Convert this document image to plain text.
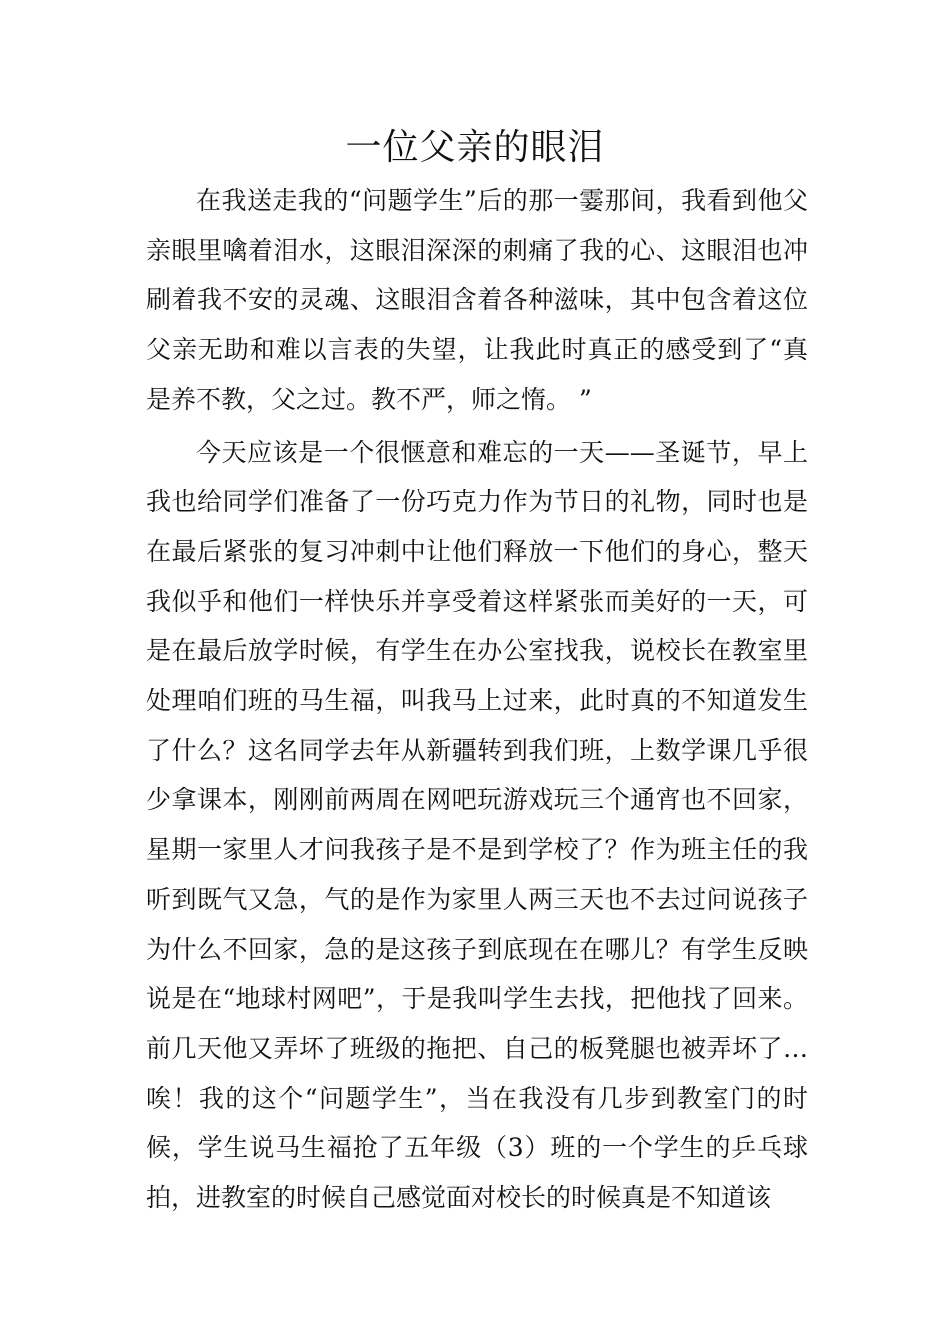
一位父亲的眼泪

在我送走我的“问题学生”后的那一霎那间，我看到他父亲眼里噙着泪水，这眼泪深深的刺痛了我的心、这眼泪也冲刷着我不安的灵魂、这眼泪含着各种滋味，其中包含着这位父亲无助和难以言表的失望，让我此时真正的感受到了“真是养不教，父之过。教不严，师之惰。 ”

今天应该是一个很惬意和难忘的一天——圣诞节，早上我也给同学们准备了一份巧克力作为节日的礼物，同时也是在最后紧张的复习冲刺中让他们释放一下他们的身心，整天我似乎和他们一样快乐并享受着这样紧张而美好的一天，可是在最后放学时候，有学生在办公室找我，说校长在教室里处理咱们班的马生福，叫我马上过来，此时真的不知道发生了什么？这名同学去年从新疆转到我们班，上数学课几乎很少拿课本，刚刚前两周在网吧玩游戏玩三个通宵也不回家，星期一家里人才问我孩子是不是到学校了？作为班主任的我听到既气又急，气的是作为家里人两三天也不去过问说孩子为什么不回家，急的是这孩子到底现在在哪儿？有学生反映说是在“地球村网吧”，于是我叫学生去找，把他找了回来。前几天他又弄坏了班级的拖把、自己的板凳腿也被弄坏了…唉！我的这个“问题学生”，当在我没有几步到教室门的时候，学生说马生福抢了五年级（3）班的一个学生的乒乓球拍，进教室的时候自己感觉面对校长的时候真是不知道该
